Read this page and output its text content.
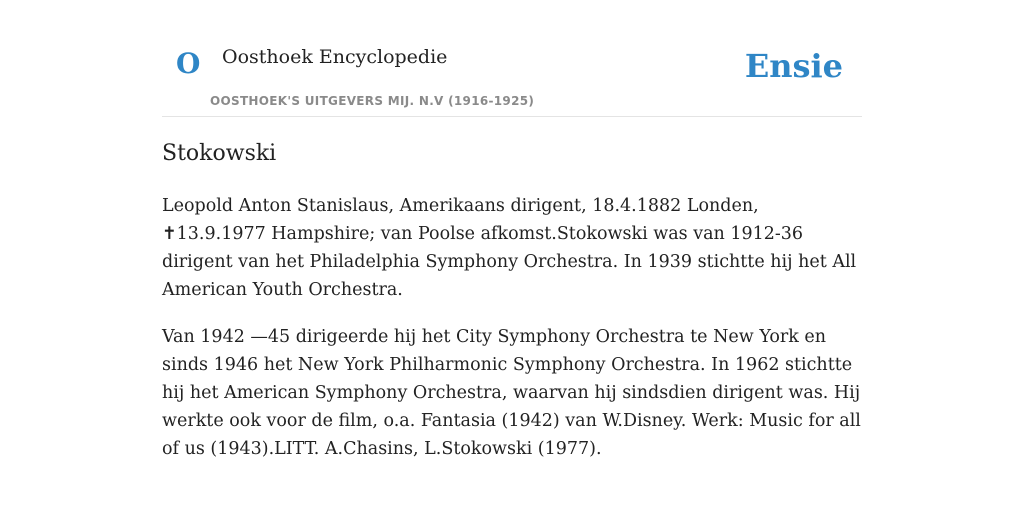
O Oosthoek Encyclopedie
OOSTHOEK'S UITGEVERS MIJ. N.V (1916-1925)
Ensie
Stokowski

Leopold Anton Stanislaus, Amerikaans dirigent, 18.4.1882 Londen, ✝13.9.1977 Hampshire; van Poolse afkomst.Stokowski was van 1912-36 dirigent van het Philadelphia Symphony Orchestra. In 1939 stichtte hij het All American Youth Orchestra.

Van 1942 —45 dirigeerde hij het City Symphony Orchestra te New York en sinds 1946 het New York Philharmonic Symphony Orchestra. In 1962 stichtte hij het American Symphony Orchestra, waarvan hij sindsdien dirigent was. Hij werkte ook voor de film, o.a. Fantasia (1942) van W.Disney. Werk: Music for all of us (1943).LITT. A.Chasins, L.Stokowski (1977).
